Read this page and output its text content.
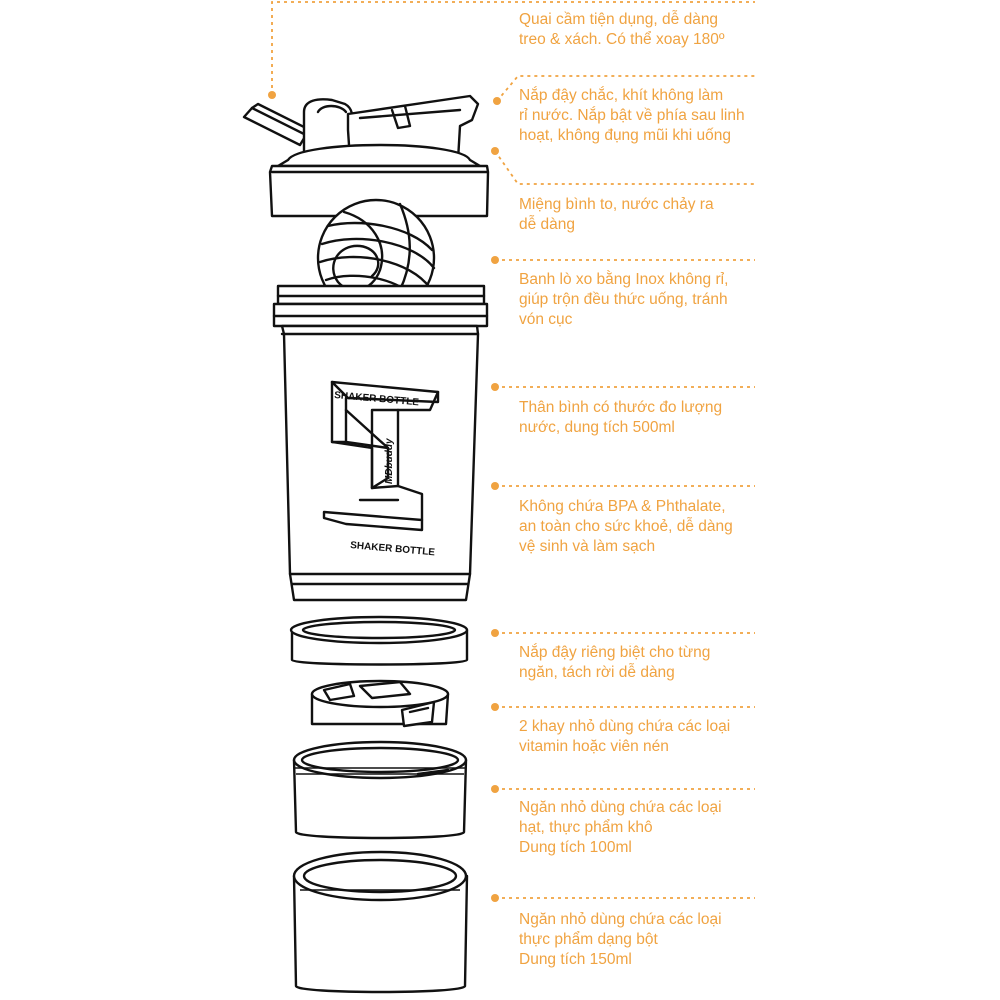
SHAKER BOTTLE
SHAKER BOTTLE
MDbuddy
Quai cầm tiện dụng, dễ dàng
treo & xách. Có thể xoay 180º
Nắp đậy chắc, khít không làm
rỉ nước. Nắp bật về phía sau linh
hoạt, không đụng mũi khi uống
Miệng bình to, nước chảy ra
dễ dàng
Banh lò xo bằng Inox không rỉ,
giúp trộn đều thức uống, tránh
vón cục
Thân bình có thước đo lượng
nước, dung tích 500ml
Không chứa BPA & Phthalate,
an toàn cho sức khoẻ, dễ dàng
vệ sinh và làm sạch
Nắp đậy riêng biệt cho từng
ngăn, tách rời dễ dàng
2 khay nhỏ dùng chứa các loại
vitamin hoặc viên nén
Ngăn nhỏ dùng chứa các loại
hạt, thực phẩm khô
Dung tích 100ml
Ngăn nhỏ dùng chứa các loại
thực phẩm dạng bột
Dung tích 150ml
